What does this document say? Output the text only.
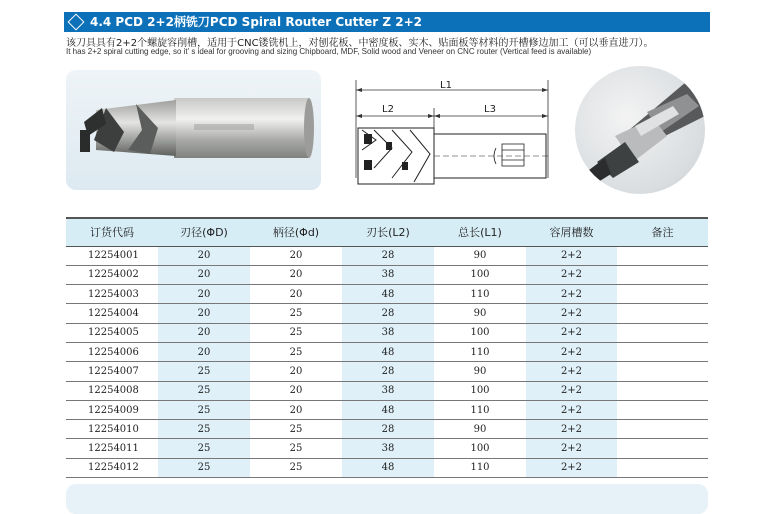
4.4 PCD 2+2柄铣刀PCD Spiral Router Cutter Z 2+2
该刀具具有2+2个螺旋容削槽，适用于CNC镂铣机上，对刨花板、中密度板、实木、贴面板等材料的开槽修边加工（可以垂直进刀）。
It has 2+2 spiral cutting edge, so it’ s ideal for grooving and sizing Chipboard, MDF, Solid wood and Veneer on CNC router (Vertical feed is available)
L1
L2	L3
订货代码	刃径(ΦD)	柄径(Φd)	刃长(L2)	总长(L1)	容屑槽数	备注
12254001	20	20	28	90	2+2	
12254002	20	20	38	100	2+2	
12254003	20	20	48	110	2+2	
12254004	20	25	28	90	2+2	
12254005	20	25	38	100	2+2	
12254006	20	25	48	110	2+2	
12254007	25	20	28	90	2+2	
12254008	25	20	38	100	2+2	
12254009	25	20	48	110	2+2	
12254010	25	25	28	90	2+2	
12254011	25	25	38	100	2+2	
12254012	25	25	48	110	2+2	
